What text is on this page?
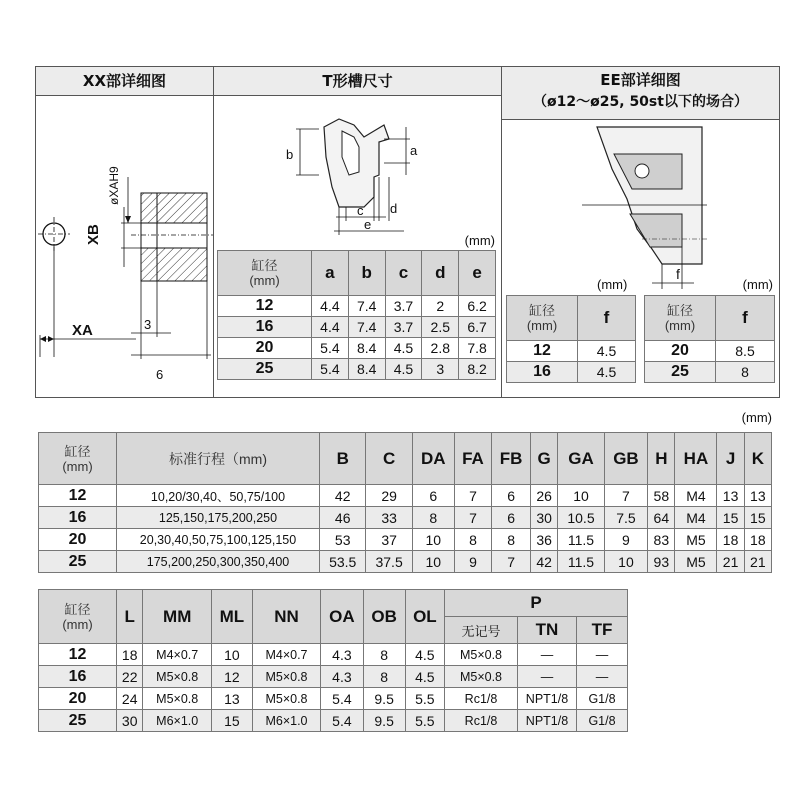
XX部详细图
øXAH9
XB
XA	3
6
T形槽尺寸
b	a
c d
e
(mm)
缸径
(mm)	a	b	c	d	e
12	4.4	7.4	3.7	2	6.2
16	4.4	7.4	3.7	2.5	6.7
20	5.4	8.4	4.5	2.8	7.8
25	5.4	8.4	4.5	3	8.2
EE部详细图
（ø12～ø25, 50st以下的场合）
f
(mm)	(mm)
缸径
(mm)	f
12	4.5
16	4.5
缸径
(mm)	f
20	8.5
25	8
(mm)
缸径
(mm)	标准行程（mm)	B	C	DA	FA	FB	G	GA	GB	H	HA	J	K
12	10,20/30,40、50,75/100	42	29	6	7	6	26	10	7	58	M4	13	13
16	125,150,175,200,250	46	33	8	7	6	30	10.5	7.5	64	M4	15	15
20	20,30,40,50,75,100,125,150	53	37	10	8	8	36	11.5	9	83	M5	18	18
25	175,200,250,300,350,400	53.5	37.5	10	9	7	42	11.5	10	93	M5	21	21
缸径
(mm)	L	MM	ML	NN	OA	OB	OL	P		
								无记号	TN	TF
12	18	M4×0.7	10	M4×0.7	4.3	8	4.5	M5×0.8	—	—
16	22	M5×0.8	12	M5×0.8	4.3	8	4.5	M5×0.8	—	—
20	24	M5×0.8	13	M5×0.8	5.4	9.5	5.5	Rc1/8	NPT1/8	G1/8
25	30	M6×1.0	15	M6×1.0	5.4	9.5	5.5	Rc1/8	NPT1/8	G1/8
